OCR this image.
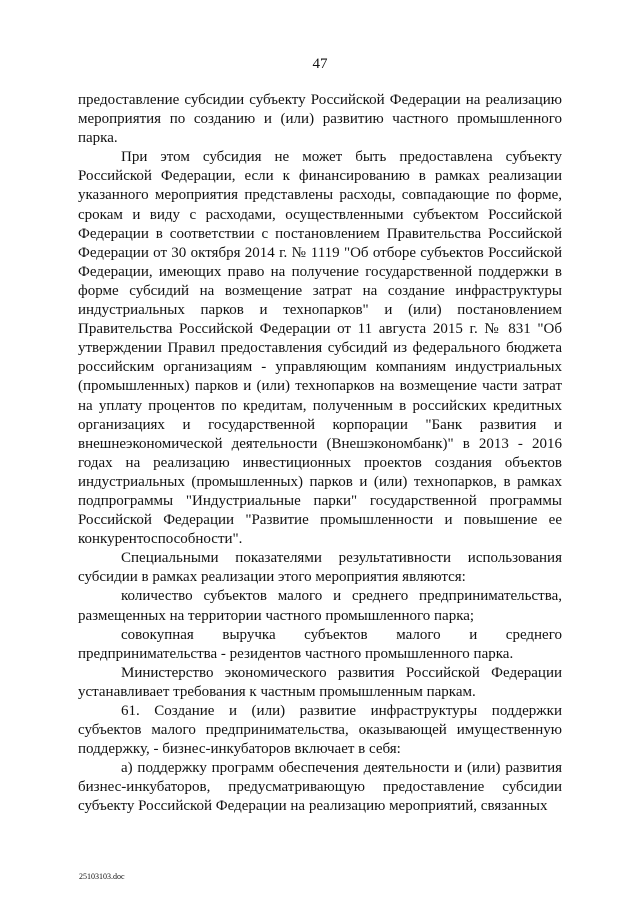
47

предоставление субсидии субъекту Российской Федерации на реализацию мероприятия по созданию и (или) развитию частного промышленного парка.

При этом субсидия не может быть предоставлена субъекту Российской Федерации, если к финансированию в рамках реализации указанного мероприятия представлены расходы, совпадающие по форме, срокам и виду с расходами, осуществленными субъектом Российской Федерации в соответствии с постановлением Правительства Российской Федерации от 30 октября 2014 г. № 1119 "Об отборе субъектов Российской Федерации, имеющих право на получение государственной поддержки в форме субсидий на возмещение затрат на создание инфраструктуры индустриальных парков и технопарков" и (или) постановлением Правительства Российской Федерации от 11 августа 2015 г. № 831 "Об утверждении Правил предоставления субсидий из федерального бюджета российским организациям - управляющим компаниям индустриальных (промышленных) парков и (или) технопарков на возмещение части затрат на уплату процентов по кредитам, полученным в российских кредитных организациях и государственной корпорации "Банк развития и внешнеэкономической деятельности (Внешэкономбанк)" в 2013 - 2016 годах на реализацию инвестиционных проектов создания объектов индустриальных (промышленных) парков и (или) технопарков, в рамках подпрограммы "Индустриальные парки" государственной программы Российской Федерации "Развитие промышленности и повышение ее конкурентоспособности".

Специальными показателями результативности использования субсидии в рамках реализации этого мероприятия являются:

количество субъектов малого и среднего предпринимательства, размещенных на территории частного промышленного парка;

совокупная выручка субъектов малого и среднего предпринимательства - резидентов частного промышленного парка.

Министерство экономического развития Российской Федерации устанавливает требования к частным промышленным паркам.

61. Создание и (или) развитие инфраструктуры поддержки субъектов малого предпринимательства, оказывающей имущественную поддержку, - бизнес-инкубаторов включает в себя:

а) поддержку программ обеспечения деятельности и (или) развития бизнес-инкубаторов, предусматривающую предоставление субсидии субъекту Российской Федерации на реализацию мероприятий, связанных

25103103.doc
